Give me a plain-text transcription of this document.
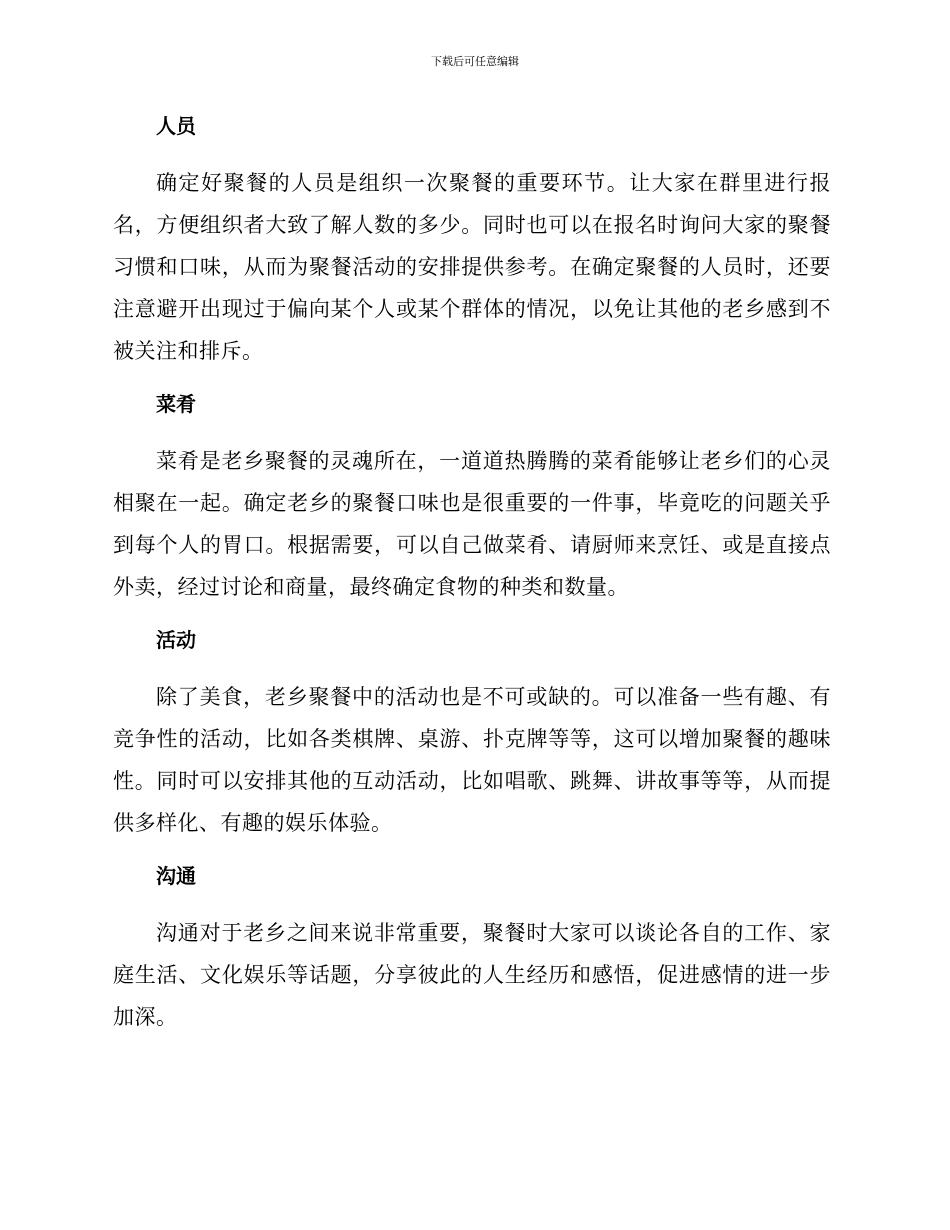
下载后可任意编辑
人员

确定好聚餐的人员是组织一次聚餐的重要环节。让大家在群里进行报名，方便组织者大致了解人数的多少。同时也可以在报名时询问大家的聚餐习惯和口味，从而为聚餐活动的安排提供参考。在确定聚餐的人员时，还要注意避开出现过于偏向某个人或某个群体的情况，以免让其他的老乡感到不被关注和排斥。

菜肴

菜肴是老乡聚餐的灵魂所在，一道道热腾腾的菜肴能够让老乡们的心灵相聚在一起。确定老乡的聚餐口味也是很重要的一件事，毕竟吃的问题关乎到每个人的胃口。根据需要，可以自己做菜肴、请厨师来烹饪、或是直接点外卖，经过讨论和商量，最终确定食物的种类和数量。

活动

除了美食，老乡聚餐中的活动也是不可或缺的。可以准备一些有趣、有竞争性的活动，比如各类棋牌、桌游、扑克牌等等，这可以增加聚餐的趣味性。同时可以安排其他的互动活动，比如唱歌、跳舞、讲故事等等，从而提供多样化、有趣的娱乐体验。

沟通

沟通对于老乡之间来说非常重要，聚餐时大家可以谈论各自的工作、家庭生活、文化娱乐等话题，分享彼此的人生经历和感悟，促进感情的进一步加深。
